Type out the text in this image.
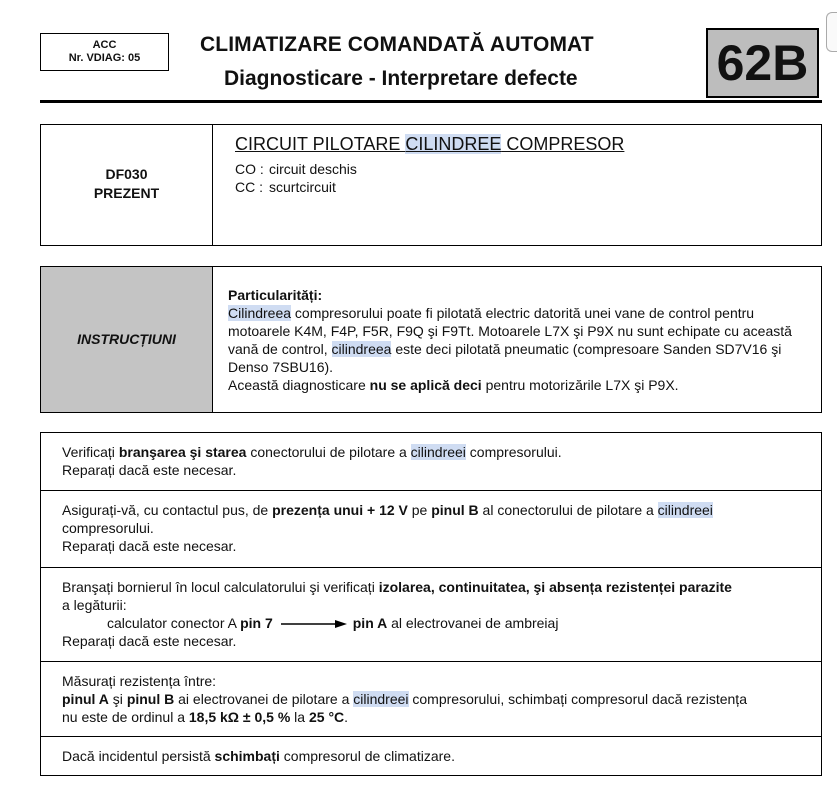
ACC
Nr. VDIAG: 05
CLIMATIZARE COMANDATĂ AUTOMAT
Diagnosticare - Interpretare defecte	62B
DF030
PREZENT
CIRCUIT PILOTARE CILINDREE COMPRESOR
CO : circuit deschis
CC : scurtcircuit
INSTRUCȚIUNI
Particularități:
Cilindreea compresorului poate fi pilotată electric datorită unei vane de control pentru motoarele K4M, F4P, F5R, F9Q şi F9Tt. Motoarele L7X şi P9X nu sunt echipate cu această vană de control, cilindreea este deci pilotată pneumatic (compresoare Sanden SD7V16 şi Denso 7SBU16).
Această diagnosticare nu se aplică deci pentru motorizările L7X şi P9X.
Verificați branşarea şi starea conectorului de pilotare a cilindreei compresorului.
Reparați dacă este necesar.
Asigurați-vă, cu contactul pus, de prezența unui + 12 V pe pinul B al conectorului de pilotare a cilindreei
compresorului.
Reparați dacă este necesar.
Branşați bornierul în locul calculatorului şi verificați izolarea, continuitatea, şi absența rezistenței parazite
a legăturii:
calculator conector A pin 7	pin A al electrovanei de ambreiaj
Reparați dacă este necesar.
Măsurați rezistența între:
pinul A şi pinul B ai electrovanei de pilotare a cilindreei compresorului, schimbați compresorul dacă rezistența
nu este de ordinul a 18,5 kΩ ± 0,5 % la 25 °C.
Dacă incidentul persistă schimbați compresorul de climatizare.
